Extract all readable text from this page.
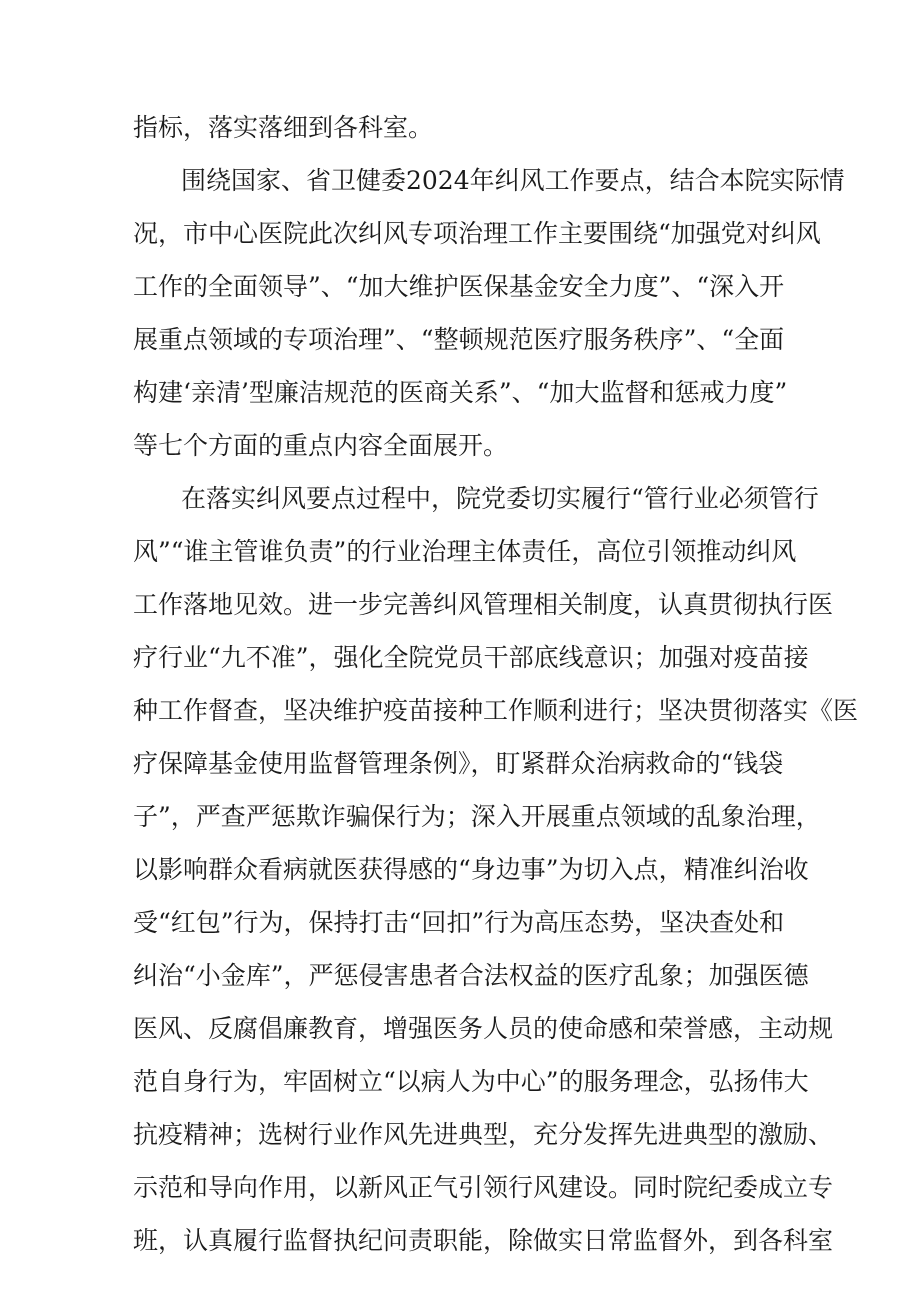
指标，落实落细到各科室。
围绕国家、省卫健委2024年纠风工作要点，结合本院实际情
况，市中心医院此次纠风专项治理工作主要围绕“加强党对纠风
工作的全面领导”、“加大维护医保基金安全力度”、“深入开
展重点领域的专项治理”、“整顿规范医疗服务秩序”、“全面
构建‘亲清’型廉洁规范的医商关系”、“加大监督和惩戒力度”
等七个方面的重点内容全面展开。
在落实纠风要点过程中，院党委切实履行“管行业必须管行
风”“谁主管谁负责”的行业治理主体责任，高位引领推动纠风
工作落地见效。进一步完善纠风管理相关制度，认真贯彻执行医
疗行业“九不准”，强化全院党员干部底线意识；加强对疫苗接
种工作督查，坚决维护疫苗接种工作顺利进行；坚决贯彻落实《医
疗保障基金使用监督管理条例》，盯紧群众治病救命的“钱袋
子”，严查严惩欺诈骗保行为；深入开展重点领域的乱象治理，
以影响群众看病就医获得感的“身边事”为切入点，精准纠治收
受“红包”行为，保持打击“回扣”行为高压态势，坚决查处和
纠治“小金库”，严惩侵害患者合法权益的医疗乱象；加强医德
医风、反腐倡廉教育，增强医务人员的使命感和荣誉感，主动规
范自身行为，牢固树立“以病人为中心”的服务理念，弘扬伟大
抗疫精神；选树行业作风先进典型，充分发挥先进典型的激励、
示范和导向作用，以新风正气引领行风建设。同时院纪委成立专
班，认真履行监督执纪问责职能，除做实日常监督外，到各科室
